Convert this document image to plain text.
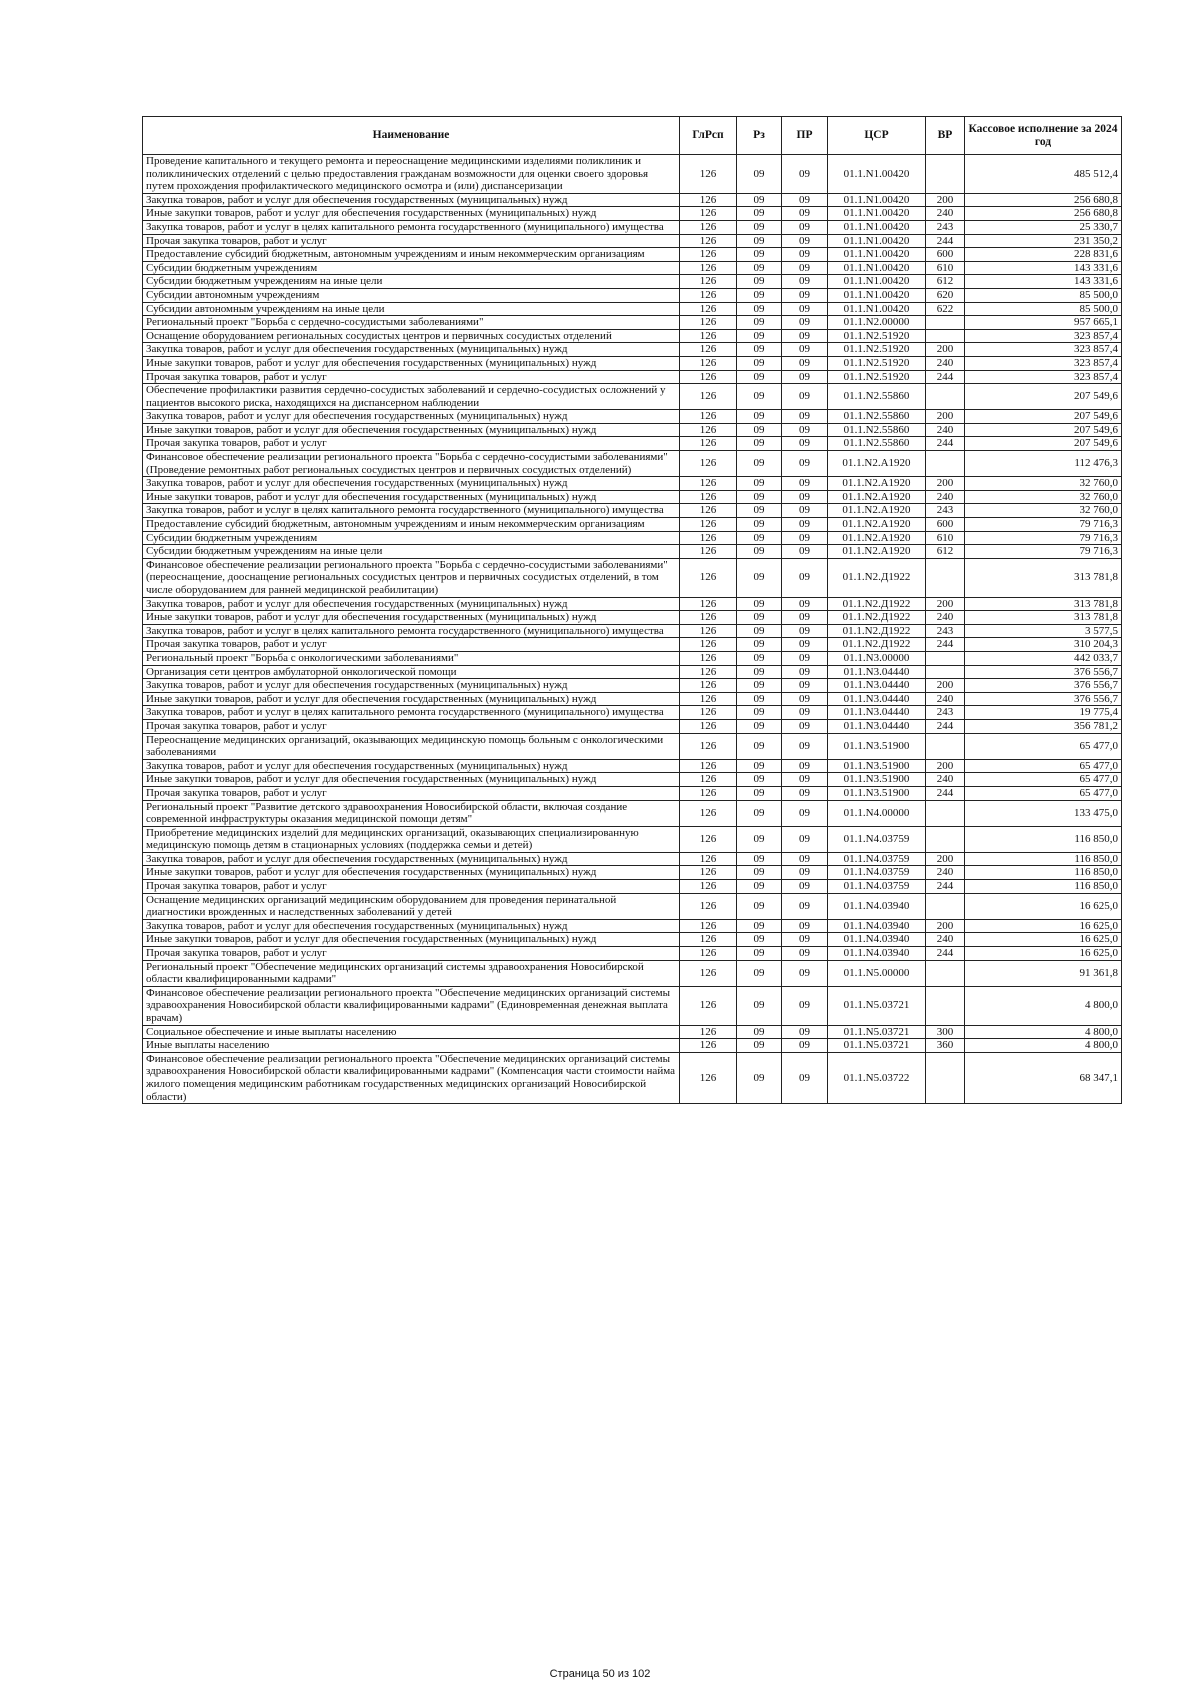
Наименование	ГлРсп	Рз	ПР	ЦСР	ВР	Кассовое исполнение за 2024 год
Проведение капитального и текущего ремонта и переоснащение медицинскими изделиями поликлиник и поликлинических отделений с целью предоставления гражданам возможности для оценки своего здоровья путем прохождения профилактического медицинского осмотра и (или) диспансеризации	126	09	09	01.1.N1.00420		485 512,4
Закупка товаров, работ и услуг для обеспечения государственных (муниципальных) нужд	126	09	09	01.1.N1.00420	200	256 680,8
Иные закупки товаров, работ и услуг для обеспечения государственных (муниципальных) нужд	126	09	09	01.1.N1.00420	240	256 680,8
Закупка товаров, работ и услуг в целях капитального ремонта государственного (муниципального) имущества	126	09	09	01.1.N1.00420	243	25 330,7
Прочая закупка товаров, работ и услуг	126	09	09	01.1.N1.00420	244	231 350,2
Предоставление субсидий бюджетным, автономным учреждениям и иным некоммерческим организациям	126	09	09	01.1.N1.00420	600	228 831,6
Субсидии бюджетным учреждениям	126	09	09	01.1.N1.00420	610	143 331,6
Субсидии бюджетным учреждениям на иные цели	126	09	09	01.1.N1.00420	612	143 331,6
Субсидии автономным учреждениям	126	09	09	01.1.N1.00420	620	85 500,0
Субсидии автономным учреждениям на иные цели	126	09	09	01.1.N1.00420	622	85 500,0
Региональный проект "Борьба с сердечно-сосудистыми заболеваниями"	126	09	09	01.1.N2.00000		957 665,1
Оснащение оборудованием региональных сосудистых центров и первичных сосудистых отделений	126	09	09	01.1.N2.51920		323 857,4
Закупка товаров, работ и услуг для обеспечения государственных (муниципальных) нужд	126	09	09	01.1.N2.51920	200	323 857,4
Иные закупки товаров, работ и услуг для обеспечения государственных (муниципальных) нужд	126	09	09	01.1.N2.51920	240	323 857,4
Прочая закупка товаров, работ и услуг	126	09	09	01.1.N2.51920	244	323 857,4
Обеспечение профилактики развития сердечно-сосудистых заболеваний и сердечно-сосудистых осложнений у пациентов высокого риска, находящихся на диспансерном наблюдении	126	09	09	01.1.N2.55860		207 549,6
Закупка товаров, работ и услуг для обеспечения государственных (муниципальных) нужд	126	09	09	01.1.N2.55860	200	207 549,6
Иные закупки товаров, работ и услуг для обеспечения государственных (муниципальных) нужд	126	09	09	01.1.N2.55860	240	207 549,6
Прочая закупка товаров, работ и услуг	126	09	09	01.1.N2.55860	244	207 549,6
Финансовое обеспечение реализации регионального проекта "Борьба с сердечно-сосудистыми заболеваниями" (Проведение ремонтных работ региональных сосудистых центров и первичных сосудистых отделений)	126	09	09	01.1.N2.A1920		112 476,3
Закупка товаров, работ и услуг для обеспечения государственных (муниципальных) нужд	126	09	09	01.1.N2.A1920	200	32 760,0
Иные закупки товаров, работ и услуг для обеспечения государственных (муниципальных) нужд	126	09	09	01.1.N2.A1920	240	32 760,0
Закупка товаров, работ и услуг в целях капитального ремонта государственного (муниципального) имущества	126	09	09	01.1.N2.A1920	243	32 760,0
Предоставление субсидий бюджетным, автономным учреждениям и иным некоммерческим организациям	126	09	09	01.1.N2.A1920	600	79 716,3
Субсидии бюджетным учреждениям	126	09	09	01.1.N2.A1920	610	79 716,3
Субсидии бюджетным учреждениям на иные цели	126	09	09	01.1.N2.A1920	612	79 716,3
Финансовое обеспечение реализации регионального проекта "Борьба с сердечно-сосудистыми заболеваниями" (переоснащение, дооснащение региональных сосудистых центров и первичных сосудистых отделений, в том числе оборудованием для ранней медицинской реабилитации)	126	09	09	01.1.N2.Д1922		313 781,8
Закупка товаров, работ и услуг для обеспечения государственных (муниципальных) нужд	126	09	09	01.1.N2.Д1922	200	313 781,8
Иные закупки товаров, работ и услуг для обеспечения государственных (муниципальных) нужд	126	09	09	01.1.N2.Д1922	240	313 781,8
Закупка товаров, работ и услуг в целях капитального ремонта государственного (муниципального) имущества	126	09	09	01.1.N2.Д1922	243	3 577,5
Прочая закупка товаров, работ и услуг	126	09	09	01.1.N2.Д1922	244	310 204,3
Региональный проект "Борьба с онкологическими заболеваниями"	126	09	09	01.1.N3.00000		442 033,7
Организация сети центров амбулаторной онкологической помощи	126	09	09	01.1.N3.04440		376 556,7
Закупка товаров, работ и услуг для обеспечения государственных (муниципальных) нужд	126	09	09	01.1.N3.04440	200	376 556,7
Иные закупки товаров, работ и услуг для обеспечения государственных (муниципальных) нужд	126	09	09	01.1.N3.04440	240	376 556,7
Закупка товаров, работ и услуг в целях капитального ремонта государственного (муниципального) имущества	126	09	09	01.1.N3.04440	243	19 775,4
Прочая закупка товаров, работ и услуг	126	09	09	01.1.N3.04440	244	356 781,2
Переоснащение медицинских организаций, оказывающих медицинскую помощь больным с онкологическими заболеваниями	126	09	09	01.1.N3.51900		65 477,0
Закупка товаров, работ и услуг для обеспечения государственных (муниципальных) нужд	126	09	09	01.1.N3.51900	200	65 477,0
Иные закупки товаров, работ и услуг для обеспечения государственных (муниципальных) нужд	126	09	09	01.1.N3.51900	240	65 477,0
Прочая закупка товаров, работ и услуг	126	09	09	01.1.N3.51900	244	65 477,0
Региональный проект "Развитие детского здравоохранения Новосибирской области, включая создание современной инфраструктуры оказания медицинской помощи детям"	126	09	09	01.1.N4.00000		133 475,0
Приобретение медицинских изделий для медицинских организаций, оказывающих специализированную медицинскую помощь детям в стационарных условиях (поддержка семьи и детей)	126	09	09	01.1.N4.03759		116 850,0
Закупка товаров, работ и услуг для обеспечения государственных (муниципальных) нужд	126	09	09	01.1.N4.03759	200	116 850,0
Иные закупки товаров, работ и услуг для обеспечения государственных (муниципальных) нужд	126	09	09	01.1.N4.03759	240	116 850,0
Прочая закупка товаров, работ и услуг	126	09	09	01.1.N4.03759	244	116 850,0
Оснащение медицинских организаций медицинским оборудованием для проведения перинатальной диагностики врожденных и наследственных заболеваний у детей	126	09	09	01.1.N4.03940		16 625,0
Закупка товаров, работ и услуг для обеспечения государственных (муниципальных) нужд	126	09	09	01.1.N4.03940	200	16 625,0
Иные закупки товаров, работ и услуг для обеспечения государственных (муниципальных) нужд	126	09	09	01.1.N4.03940	240	16 625,0
Прочая закупка товаров, работ и услуг	126	09	09	01.1.N4.03940	244	16 625,0
Региональный проект "Обеспечение медицинских организаций системы здравоохранения Новосибирской области квалифицированными кадрами"	126	09	09	01.1.N5.00000		91 361,8
Финансовое обеспечение реализации регионального проекта "Обеспечение медицинских организаций системы здравоохранения Новосибирской области квалифицированными кадрами" (Единовременная денежная выплата врачам)	126	09	09	01.1.N5.03721		4 800,0
Социальное обеспечение и иные выплаты населению	126	09	09	01.1.N5.03721	300	4 800,0
Иные выплаты населению	126	09	09	01.1.N5.03721	360	4 800,0
Финансовое обеспечение реализации регионального проекта "Обеспечение медицинских организаций системы здравоохранения Новосибирской области квалифицированными кадрами" (Компенсация части стоимости найма жилого помещения медицинским работникам государственных медицинских организаций Новосибирской области)	126	09	09	01.1.N5.03722		68 347,1
Страница 50 из 102
